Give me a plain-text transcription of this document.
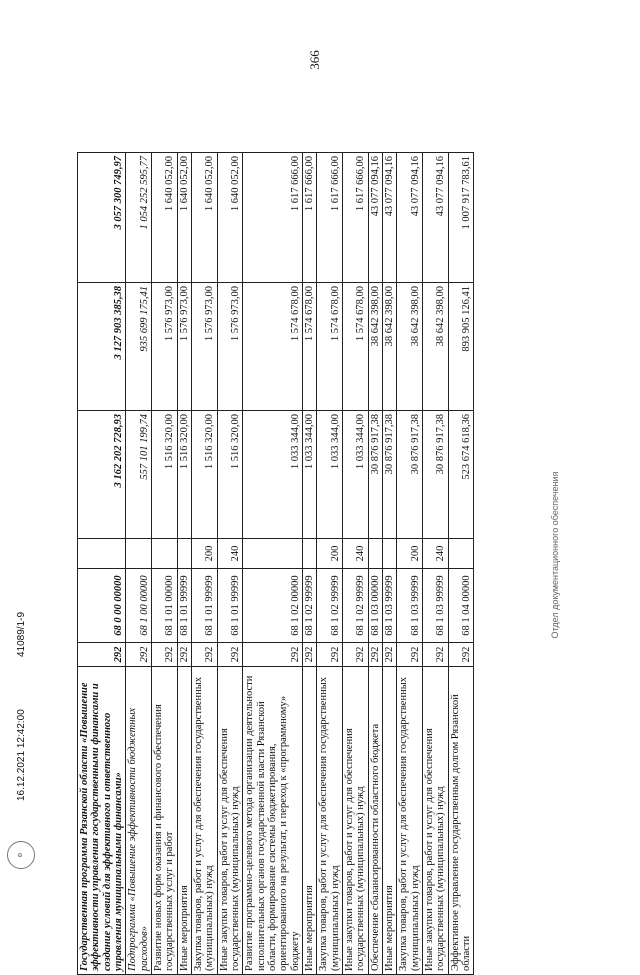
366
Государственная программа Рязанской области «Повышение эффективности управления государственными финансами и создание условий для эффективного и ответственного управления муниципальными финансами»	292	68 0 00 00000		3 162 202 728,93	3 127 903 385,38	3 057 300 749,97
Подпрограмма «Повышение эффективности бюджетных расходов»	292	68 1 00 00000		557 101 199,74	935 699 175,41	1 054 252 595,77
Развитие новых форм оказания и финансового обеспечения государственных услуг и работ	292	68 1 01 00000		1 516 320,00	1 576 973,00	1 640 052,00
Иные мероприятия	292	68 1 01 99999		1 516 320,00	1 576 973,00	1 640 052,00
Закупка товаров, работ и услуг для обеспечения государственных (муниципальных) нужд	292	68 1 01 99999	200	1 516 320,00	1 576 973,00	1 640 052,00
Иные закупки товаров, работ и услуг для обеспечения государственных (муниципальных) нужд	292	68 1 01 99999	240	1 516 320,00	1 576 973,00	1 640 052,00
Развитие программно-целевого метода организации деятельности исполнительных органов государственной власти Рязанской области, формирование системы бюджетирования, ориентированного на результат, и переход к «программному» бюджету	292	68 1 02 00000		1 033 344,00	1 574 678,00	1 617 666,00
Иные мероприятия	292	68 1 02 99999		1 033 344,00	1 574 678,00	1 617 666,00
Закупка товаров, работ и услуг для обеспечения государственных (муниципальных) нужд	292	68 1 02 99999	200	1 033 344,00	1 574 678,00	1 617 666,00
Иные закупки товаров, работ и услуг для обеспечения государственных (муниципальных) нужд	292	68 1 02 99999	240	1 033 344,00	1 574 678,00	1 617 666,00
Обеспечение сбалансированности областного бюджета	292	68 1 03 00000		30 876 917,38	38 642 398,00	43 077 094,16
Иные мероприятия	292	68 1 03 99999		30 876 917,38	38 642 398,00	43 077 094,16
Закупка товаров, работ и услуг для обеспечения государственных (муниципальных) нужд	292	68 1 03 99999	200	30 876 917,38	38 642 398,00	43 077 094,16
Иные закупки товаров, работ и услуг для обеспечения государственных (муниципальных) нужд	292	68 1 03 99999	240	30 876 917,38	38 642 398,00	43 077 094,16
Эффективное управление государственным долгом Рязанской области	292	68 1 04 00000		523 674 618,36	893 905 126,41	1 007 917 783,61
⚙
16.12.2021 12:42:00
41089/1-9	Отдел документационного обеспечения
